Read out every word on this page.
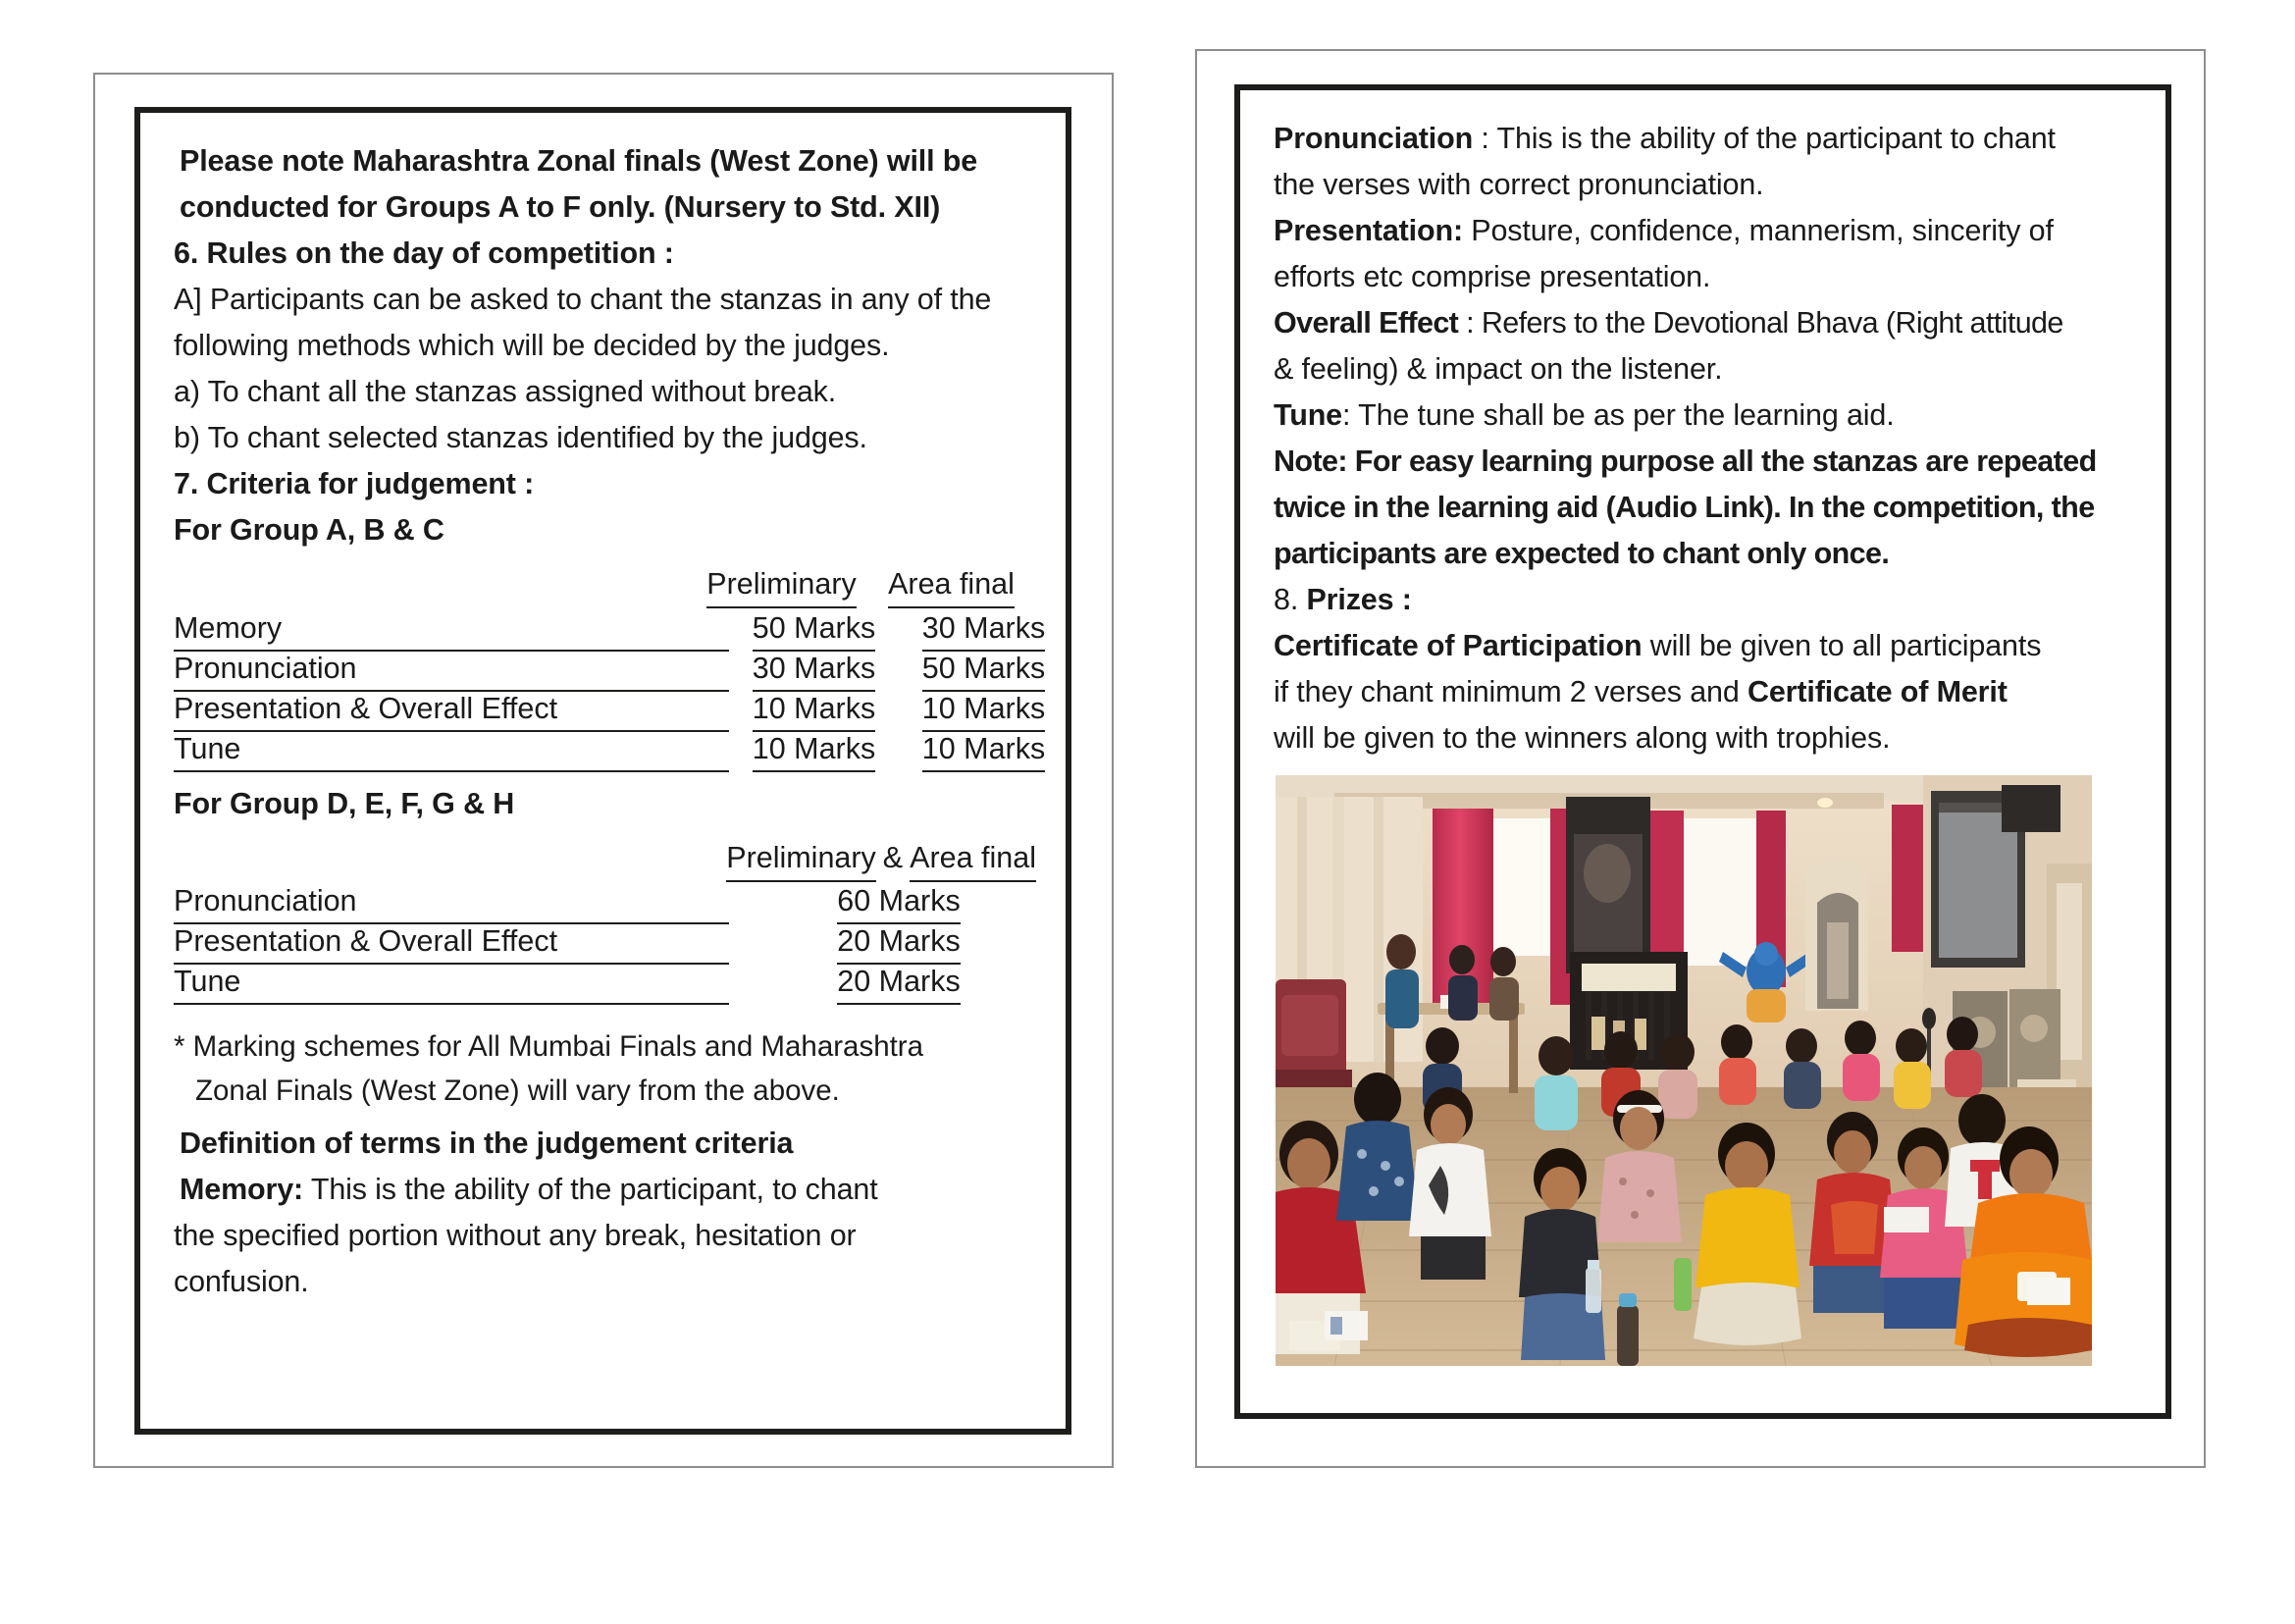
Please note Maharashtra Zonal finals (West Zone) will be
conducted for Groups A to F only. (Nursery to Std. XII)
6. Rules on the day of competition :
A] Participants can be asked to chant the stanzas in any of the
following methods which will be decided by the judges.
a) To chant all the stanzas assigned without break.
b) To chant selected stanzas identified by the judges.
7. Criteria for judgement :
For Group A, B & C
Preliminary	Area final
Memory	50 Marks	30 Marks
Pronunciation	30 Marks	50 Marks
Presentation & Overall Effect	10 Marks	10 Marks
Tune	10 Marks	10 Marks
For Group D, E, F, G & H
Preliminary & Area final
Pronunciation	60 Marks
Presentation & Overall Effect	20 Marks
Tune	20 Marks
* Marking schemes for All Mumbai Finals and Maharashtra
Zonal Finals (West Zone) will vary from the above.
Definition of terms in the judgement criteria
Memory: This is the ability of the participant, to chant
the specified portion without any break, hesitation or
confusion.
Pronunciation : This is the ability of the participant to chant
the verses with correct pronunciation.
Presentation: Posture, confidence, mannerism, sincerity of
efforts etc comprise presentation.
Overall Effect : Refers to the Devotional Bhava (Right attitude
& feeling) & impact on the listener.
Tune: The tune shall be as per the learning aid.
Note: For easy learning purpose all the stanzas are repeated
twice in the learning aid (Audio Link). In the competition, the
participants are expected to chant only once.
8. Prizes :
Certificate of Participation will be given to all participants
if they chant minimum 2 verses and Certificate of Merit
will be given to the winners along with trophies.
